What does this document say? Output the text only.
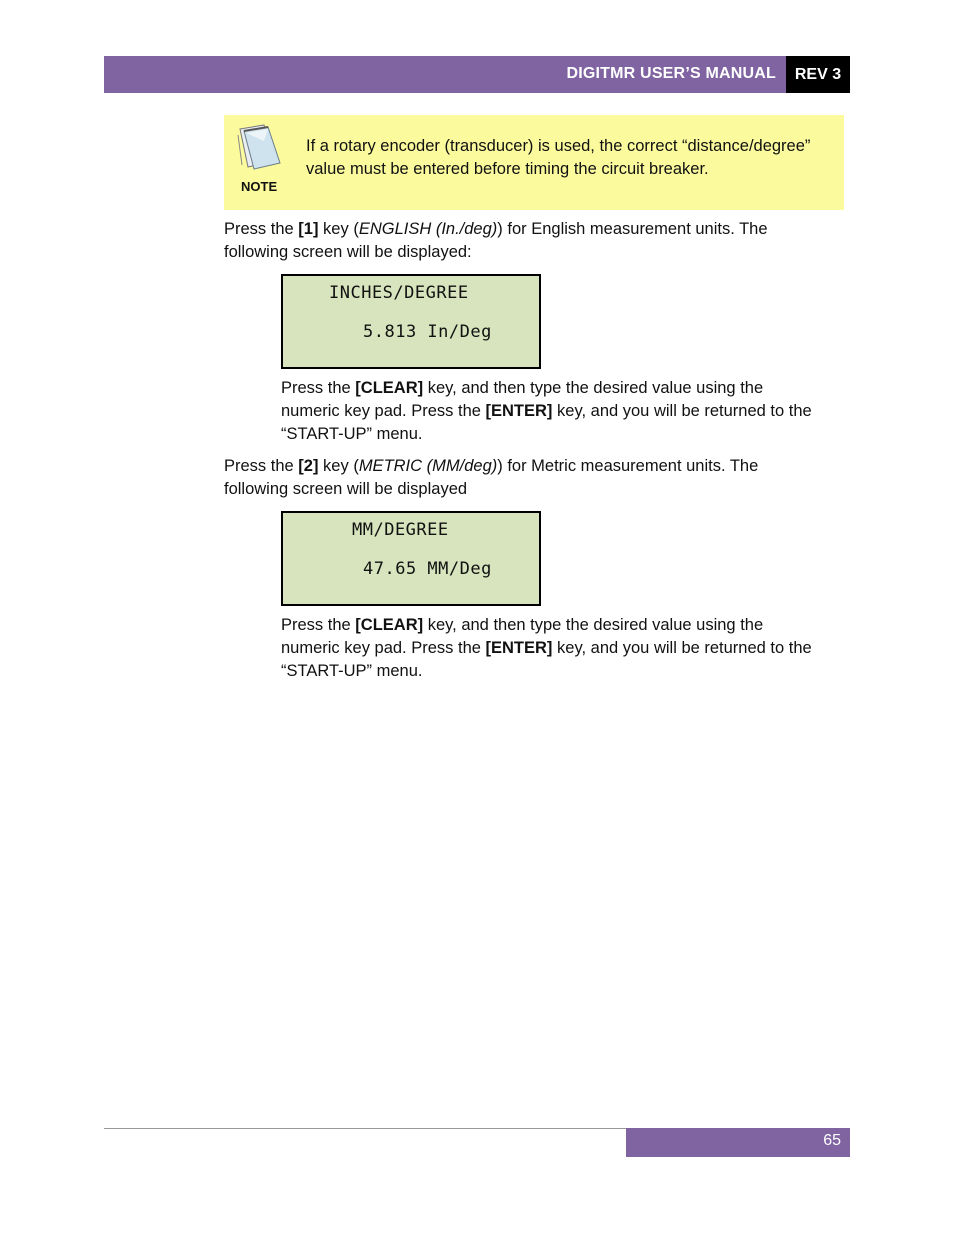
DIGITMR USER’S MANUAL	REV 3
NOTE
If a rotary encoder (transducer) is used, the correct “distance/degree” value must be entered before timing the circuit breaker.

Press the [1] key (ENGLISH (In./deg)) for English measurement units. The following screen will be displayed:

INCHES/DEGREE
5.813 In/Deg

Press the [CLEAR] key, and then type the desired value using the numeric key pad. Press the [ENTER] key, and you will be returned to the “START-UP” menu.

Press the [2] key (METRIC (MM/deg)) for Metric measurement units. The following screen will be displayed

MM/DEGREE
47.65 MM/Deg

Press the [CLEAR] key, and then type the desired value using the numeric key pad. Press the [ENTER] key, and you will be returned to the “START-UP” menu.

65
